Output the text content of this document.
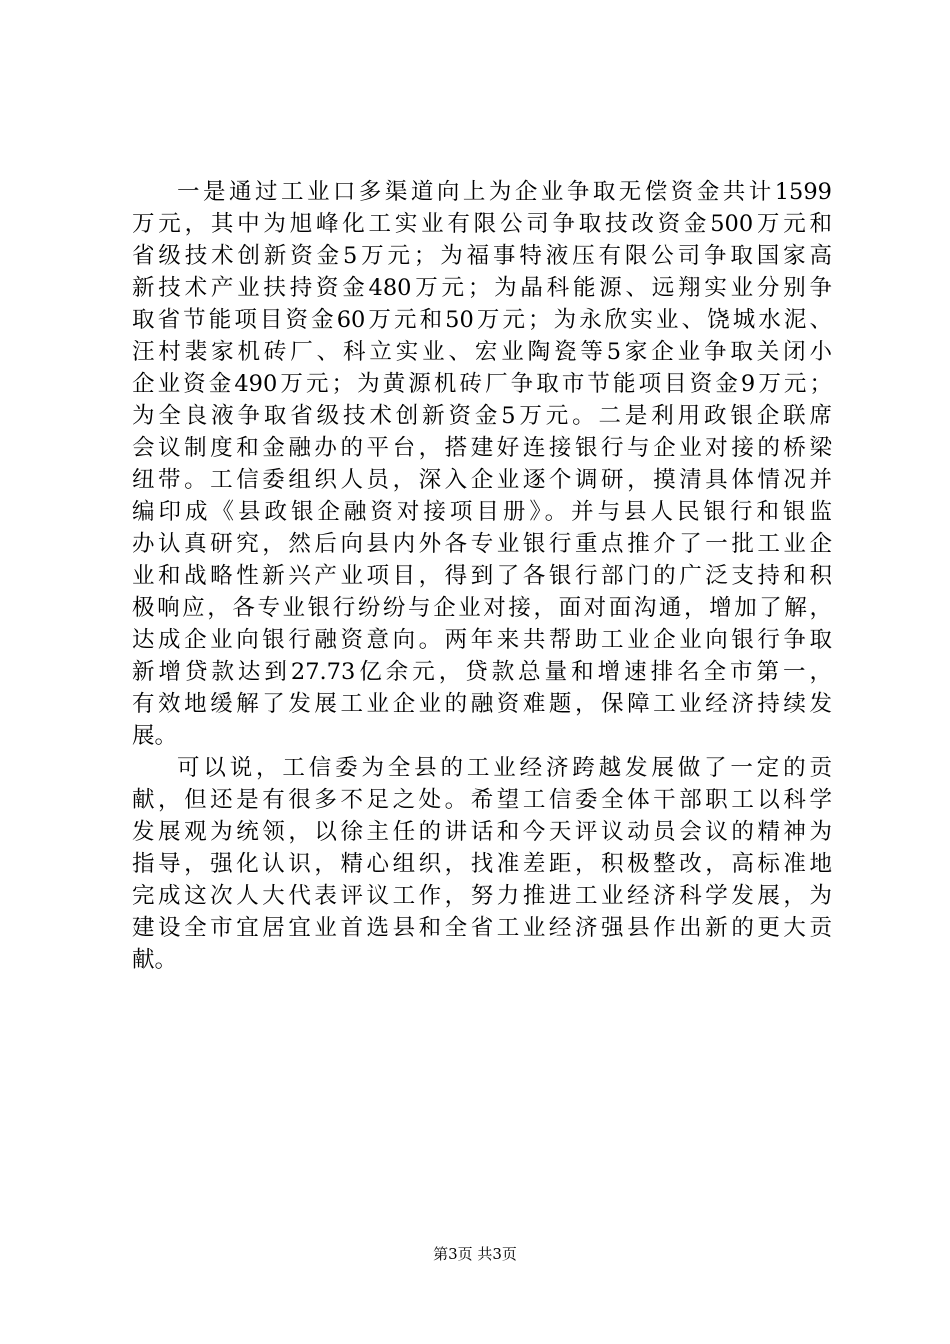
一是通过工业口多渠道向上为企业争取无偿资金共计1599
万元，其中为旭峰化工实业有限公司争取技改资金500万元和
省级技术创新资金5万元；为福事特液压有限公司争取国家高
新技术产业扶持资金480万元；为晶科能源、远翔实业分别争
取省节能项目资金60万元和50万元；为永欣实业、饶城水泥、
汪村裴家机砖厂、科立实业、宏业陶瓷等5家企业争取关闭小
企业资金490万元；为黄源机砖厂争取市节能项目资金9万元；
为全良液争取省级技术创新资金5万元。二是利用政银企联席
会议制度和金融办的平台，搭建好连接银行与企业对接的桥梁
纽带。工信委组织人员，深入企业逐个调研，摸清具体情况并
编印成《县政银企融资对接项目册》。并与县人民银行和银监
办认真研究，然后向县内外各专业银行重点推介了一批工业企
业和战略性新兴产业项目，得到了各银行部门的广泛支持和积
极响应，各专业银行纷纷与企业对接，面对面沟通，增加了解，
达成企业向银行融资意向。两年来共帮助工业企业向银行争取
新增贷款达到27.73亿余元，贷款总量和增速排名全市第一，
有效地缓解了发展工业企业的融资难题，保障工业经济持续发
展。
可以说，工信委为全县的工业经济跨越发展做了一定的贡
献，但还是有很多不足之处。希望工信委全体干部职工以科学
发展观为统领，以徐主任的讲话和今天评议动员会议的精神为
指导，强化认识，精心组织，找准差距，积极整改，高标准地
完成这次人大代表评议工作，努力推进工业经济科学发展，为
建设全市宜居宜业首选县和全省工业经济强县作出新的更大贡
献。
第3页 共3页
